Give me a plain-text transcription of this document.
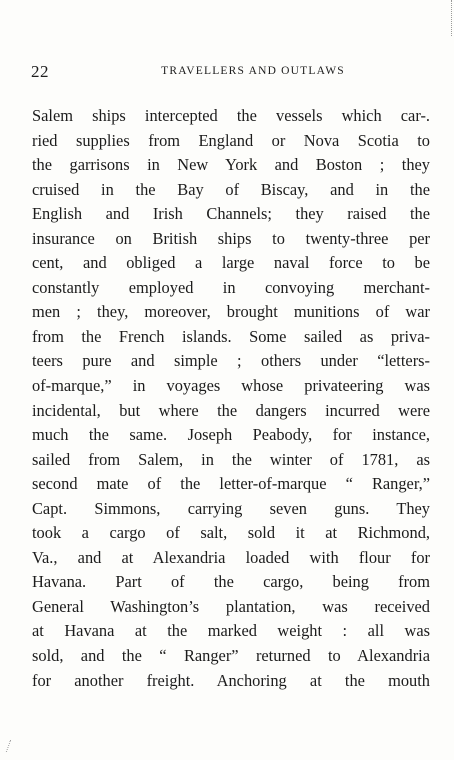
22	TRAVELLERS AND OUTLAWS
Salem ships intercepted the vessels which car-.
ried supplies from England or Nova Scotia to
the garrisons in New York and Boston ; they
cruised in the Bay of Biscay, and in the
English and Irish Channels; they raised the
insurance on British ships to twenty-three per
cent, and obliged a large naval force to be
constantly employed in convoying merchant-
men ; they, moreover, brought munitions of war
from the French islands. Some sailed as priva-
teers pure and simple ; others under “letters-
of-marque,” in voyages whose privateering was
incidental, but where the dangers incurred were
much the same. Joseph Peabody, for instance,
sailed from Salem, in the winter of 1781, as
second mate of the letter-of-marque “ Ranger,”
Capt. Simmons, carrying seven guns. They
took a cargo of salt, sold it at Richmond,
Va., and at Alexandria loaded with flour for
Havana. Part of the cargo, being from
General Washington’s plantation, was received
at Havana at the marked weight : all was
sold, and the “ Ranger” returned to Alexandria
for another freight. Anchoring at the mouth
